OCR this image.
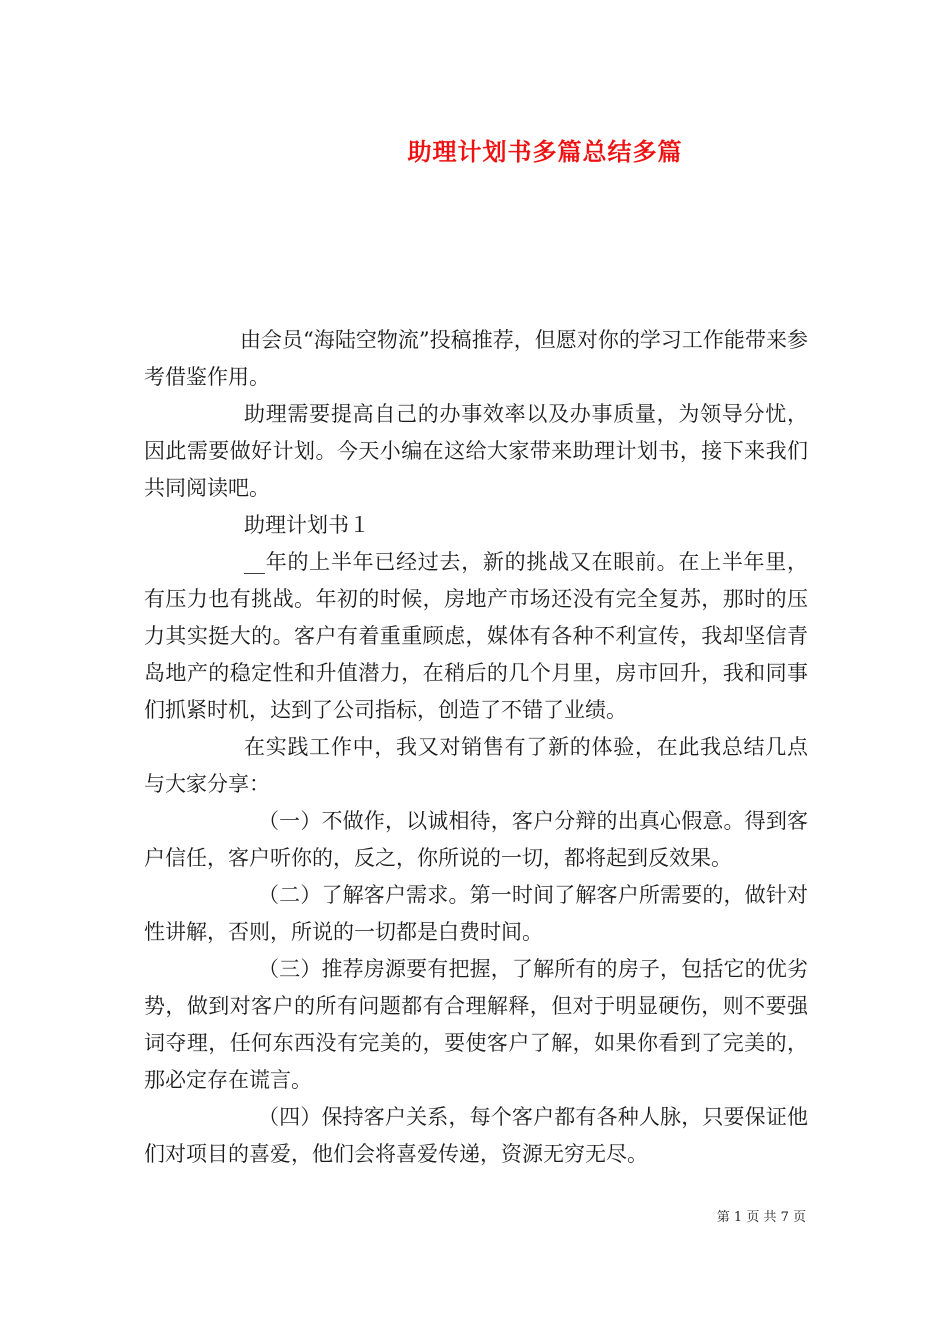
助理计划书多篇总结多篇

由会员“海陆空物流”投稿推荐，但愿对你的学习工作能带来参考借鉴作用。

助理需要提高自己的办事效率以及办事质量，为领导分忧，因此需要做好计划。今天小编在这给大家带来助理计划书，接下来我们共同阅读吧。

助理计划书１

__年的上半年已经过去，新的挑战又在眼前。在上半年里，有压力也有挑战。年初的时候，房地产市场还没有完全复苏，那时的压力其实挺大的。客户有着重重顾虑，媒体有各种不利宣传，我却坚信青岛地产的稳定性和升值潜力，在稍后的几个月里，房市回升，我和同事们抓紧时机，达到了公司指标，创造了不错了业绩。

在实践工作中，我又对销售有了新的体验，在此我总结几点与大家分享：

（一）不做作，以诚相待，客户分辩的出真心假意。得到客户信任，客户听你的，反之，你所说的一切，都将起到反效果。

（二）了解客户需求。第一时间了解客户所需要的，做针对性讲解，否则，所说的一切都是白费时间。

（三）推荐房源要有把握，了解所有的房子，包括它的优劣势，做到对客户的所有问题都有合理解释，但对于明显硬伤，则不要强词夺理，任何东西没有完美的，要使客户了解，如果你看到了完美的，那必定存在谎言。

（四）保持客户关系，每个客户都有各种人脉，只要保证他们对项目的喜爱，他们会将喜爱传递，资源无穷无尽。

第 1 页 共 7 页
